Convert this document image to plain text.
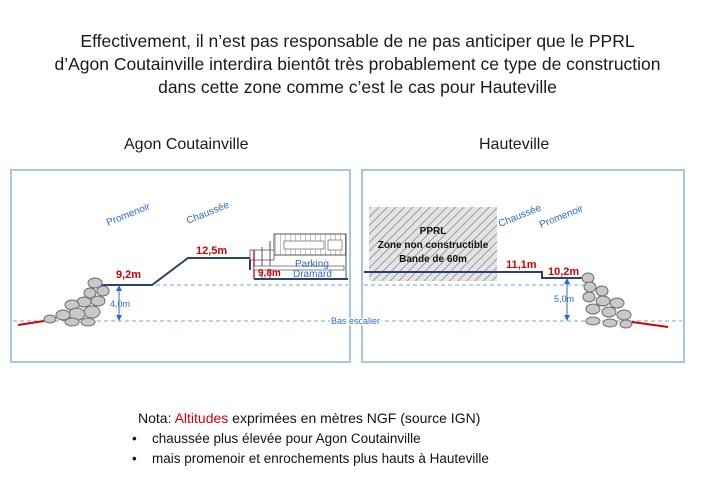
Effectivement, il n’est pas responsable de ne pas anticiper que le PPRL
d’Agon Coutainville interdira bientôt très probablement ce type de construction
dans cette zone comme c’est le cas pour Hauteville
Agon Coutainville	Hauteville
Promenoir	Chaussée
12,5m
9,2m	9,8m
Parking
Dramard
4,0m
Bas escalier
PPRL
Zone non constructible
Bande de 60m
Chaussée
Promenoir
11,1m
10,2m
5,0m
Nota: Altitudes exprimées en mètres NGF (source IGN)
• chaussée plus élevée pour Agon Coutainville
• mais promenoir et enrochements plus hauts à Hauteville
